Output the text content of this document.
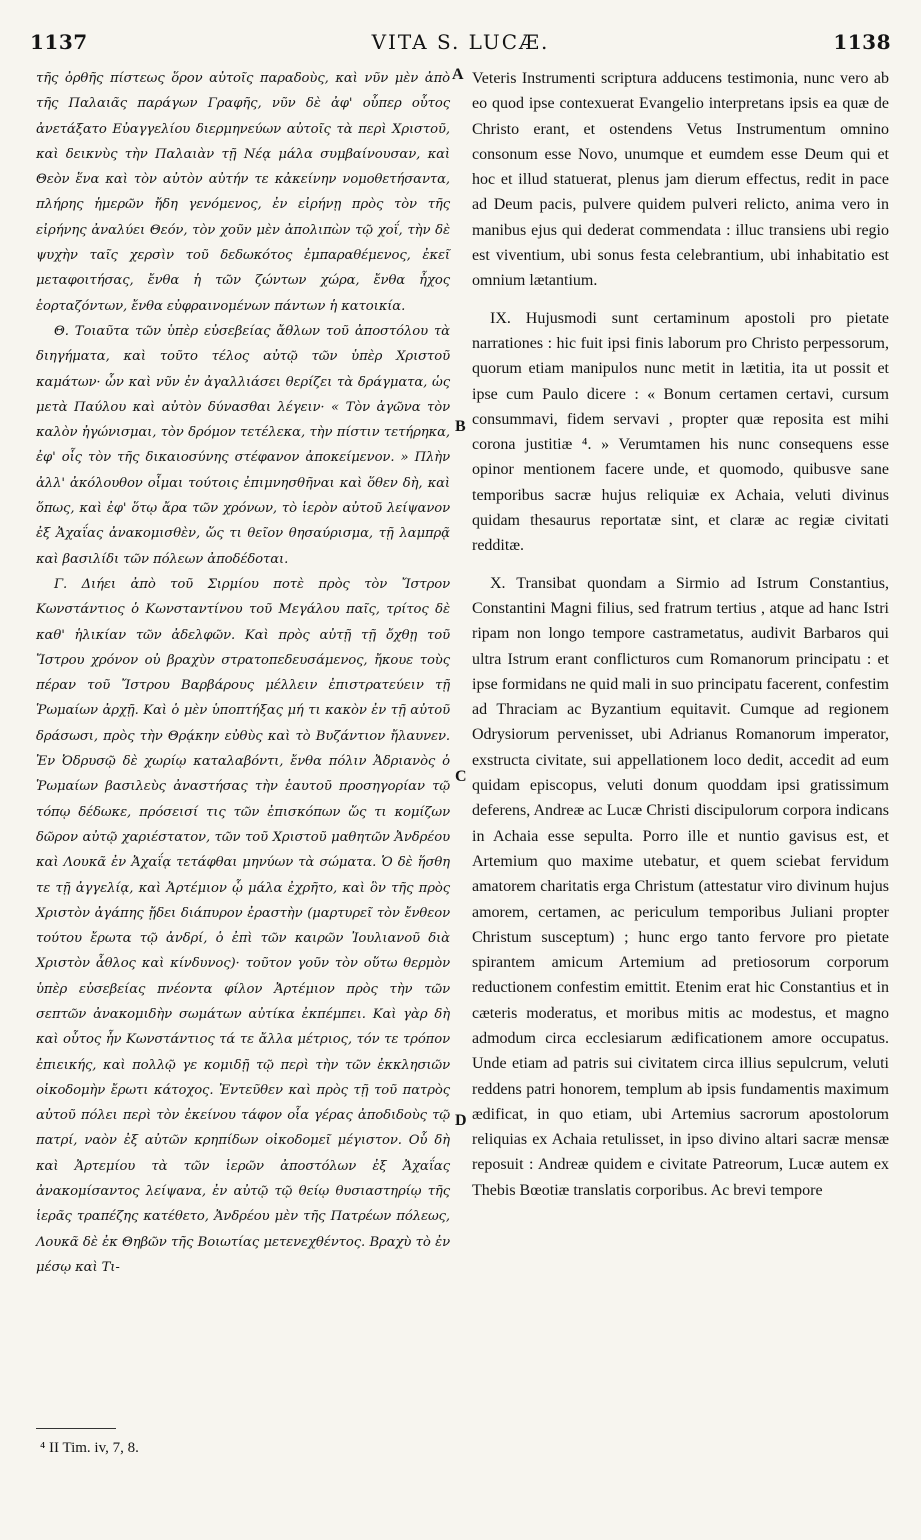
1137	VITA S. LUCÆ.	1138

τῆς ὀρθῆς πίστεως ὅρον αὐτοῖς παραδοὺς, καὶ νῦν μὲν ἀπὸ τῆς Παλαιᾶς παράγων Γραφῆς, νῦν δὲ ἀφ' οὗπερ οὗτος ἀνετάξατο Εὐαγγελίου διερμηνεύων αὐτοῖς τὰ περὶ Χριστοῦ, καὶ δεικνὺς τὴν Παλαιὰν τῇ Νέᾳ μάλα συμβαίνουσαν, καὶ Θεὸν ἕνα καὶ τὸν αὐτὸν αὐτήν τε κἀκείνην νομοθετήσαντα, πλήρης ἡμερῶν ἤδη γενόμενος, ἐν εἰρήνῃ πρὸς τὸν τῆς εἰρήνης ἀναλύει Θεόν, τὸν χοῦν μὲν ἀπολιπὼν τῷ χοΐ, τὴν δὲ ψυχὴν ταῖς χερσὶν τοῦ δεδωκότος ἐμπαραθέμενος, ἐκεῖ μεταφοιτήσας, ἔνθα ἡ τῶν ζώντων χώρα, ἔνθα ἦχος ἑορταζόντων, ἔνθα εὐφραινομένων πάντων ἡ κατοικία.

Θ. Τοιαῦτα τῶν ὑπὲρ εὐσεβείας ἄθλων τοῦ ἀποστόλου τὰ διηγήματα, καὶ τοῦτο τέλος αὐτῷ τῶν ὑπὲρ Χριστοῦ καμάτων· ὧν καὶ νῦν ἐν ἀγαλλιάσει θερίζει τὰ δράγματα, ὡς μετὰ Παύλου καὶ αὐτὸν δύνασθαι λέγειν· « Τὸν ἀγῶνα τὸν καλὸν ἠγώνισμαι, τὸν δρόμον τετέλεκα, τὴν πίστιν τετήρηκα, ἐφ' οἷς τὸν τῆς δικαιοσύνης στέφανον ἀποκείμενον. » Πλὴν ἀλλ' ἀκόλουθον οἶμαι τούτοις ἐπιμνησθῆναι καὶ ὅθεν δὴ, καὶ ὅπως, καὶ ἐφ' ὅτῳ ἄρα τῶν χρόνων, τὸ ἱερὸν αὐτοῦ λείψανον ἐξ Ἀχαΐας ἀνακομισθὲν, ὥς τι θεῖον θησαύρισμα, τῇ λαμπρᾷ καὶ βασιλίδι τῶν πόλεων ἀποδέδοται.

Γ. Διήει ἀπὸ τοῦ Σιρμίου ποτὲ πρὸς τὸν Ἴστρον Κωνστάντιος ὁ Κωνσταντίνου τοῦ Μεγάλου παῖς, τρίτος δὲ καθ' ἡλικίαν τῶν ἀδελφῶν. Καὶ πρὸς αὐτῇ τῇ ὄχθῃ τοῦ Ἴστρου χρόνον οὐ βραχὺν στρατοπεδευσάμενος, ἤκουε τοὺς πέραν τοῦ Ἴστρου Βαρβάρους μέλλειν ἐπιστρατεύειν τῇ Ῥωμαίων ἀρχῇ. Καὶ ὁ μὲν ὑποπτήξας μή τι κακὸν ἐν τῇ αὐτοῦ δράσωσι, πρὸς τὴν Θρᾴκην εὐθὺς καὶ τὸ Βυζάντιον ἤλαυνεν. Ἐν Ὀδρυσῷ δὲ χωρίῳ καταλαβόντι, ἔνθα πόλιν Ἀδριανὸς ὁ Ῥωμαίων βασιλεὺς ἀναστήσας τὴν ἑαυτοῦ προσηγορίαν τῷ τόπῳ δέδωκε, πρόσεισί τις τῶν ἐπισκόπων ὥς τι κομίζων δῶρον αὐτῷ χαριέστατον, τῶν τοῦ Χριστοῦ μαθητῶν Ἀνδρέου καὶ Λουκᾶ ἐν Ἀχαΐᾳ τετάφθαι μηνύων τὰ σώματα. Ὁ δὲ ἥσθη τε τῇ ἀγγελίᾳ, καὶ Ἀρτέμιον ᾧ μάλα ἐχρῆτο, καὶ ὃν τῆς πρὸς Χριστὸν ἀγάπης ᾔδει διάπυρον ἐραστὴν (μαρτυρεῖ τὸν ἔνθεον τούτου ἔρωτα τῷ ἀνδρί, ὁ ἐπὶ τῶν καιρῶν Ἰουλιανοῦ διὰ Χριστὸν ἆθλος καὶ κίνδυνος)· τοῦτον γοῦν τὸν οὕτω θερμὸν ὑπὲρ εὐσεβείας πνέοντα φίλον Ἀρτέμιον πρὸς τὴν τῶν σεπτῶν ἀνακομιδὴν σωμάτων αὐτίκα ἐκπέμπει. Καὶ γὰρ δὴ καὶ οὗτος ἦν Κωνστάντιος τά τε ἄλλα μέτριος, τόν τε τρόπον ἐπιεικής, καὶ πολλῷ γε κομιδῇ τῷ περὶ τὴν τῶν ἐκκλησιῶν οἰκοδομὴν ἔρωτι κάτοχος. Ἐντεῦθεν καὶ πρὸς τῇ τοῦ πατρὸς αὐτοῦ πόλει περὶ τὸν ἐκείνου τάφον οἷα γέρας ἀποδιδοὺς τῷ πατρί, ναὸν ἐξ αὐτῶν κρηπίδων οἰκοδομεῖ μέγιστον. Οὗ δὴ καὶ Ἀρτεμίου τὰ τῶν ἱερῶν ἀποστόλων ἐξ Ἀχαΐας ἀνακομίσαντος λείψανα, ἐν αὐτῷ τῷ θείῳ θυσιαστηρίῳ τῆς ἱερᾶς τραπέζης κατέθετο, Ἀνδρέου μὲν τῆς Πατρέων πόλεως, Λουκᾶ δὲ ἐκ Θηβῶν τῆς Βοιωτίας μετενεχθέντος. Βραχὺ τὸ ἐν μέσῳ καὶ Τι-

A
B
C
D

Veteris Instrumenti scriptura adducens testimonia, nunc vero ab eo quod ipse contexuerat Evangelio interpretans ipsis ea quæ de Christo erant, et ostendens Vetus Instrumentum omnino consonum esse Novo, unumque et eumdem esse Deum qui et hoc et illud statuerat, plenus jam dierum effectus, redit in pace ad Deum pacis, pulvere quidem pulveri relicto, anima vero in manibus ejus qui dederat commendata : illuc transiens ubi regio est viventium, ubi sonus festa celebrantium, ubi inhabitatio est omnium lætantium.

IX. Hujusmodi sunt certaminum apostoli pro pietate narrationes : hic fuit ipsi finis laborum pro Christo perpessorum, quorum etiam manipulos nunc metit in lætitia, ita ut possit et ipse cum Paulo dicere : « Bonum certamen certavi, cursum consummavi, fidem servavi , propter quæ reposita est mihi corona justitiæ ⁴. » Verumtamen his nunc consequens esse opinor mentionem facere unde, et quomodo, quibusve sane temporibus sacræ hujus reliquiæ ex Achaia, veluti divinus quidam thesaurus reportatæ sint, et claræ ac regiæ civitati redditæ.

X. Transibat quondam a Sirmio ad Istrum Constantius, Constantini Magni filius, sed fratrum tertius , atque ad hanc Istri ripam non longo tempore castrametatus, audivit Barbaros qui ultra Istrum erant conflicturos cum Romanorum principatu : et ipse formidans ne quid mali in suo principatu facerent, confestim ad Thraciam ac Byzantium equitavit. Cumque ad regionem Odrysiorum pervenisset, ubi Adrianus Romanorum imperator, exstructa civitate, sui appellationem loco dedit, accedit ad eum quidam episcopus, veluti donum quoddam ipsi gratissimum deferens, Andreæ ac Lucæ Christi discipulorum corpora indicans in Achaia esse sepulta. Porro ille et nuntio gavisus est, et Artemium quo maxime utebatur, et quem sciebat fervidum amatorem charitatis erga Christum (attestatur viro divinum hujus amorem, certamen, ac periculum temporibus Juliani propter Christum susceptum) ; hunc ergo tanto fervore pro pietate spirantem amicum Artemium ad pretiosorum corporum reductionem confestim emittit. Etenim erat hic Constantius et in cæteris moderatus, et moribus mitis ac modestus, et magno admodum circa ecclesiarum ædificationem amore occupatus. Unde etiam ad patris sui civitatem circa illius sepulcrum, veluti reddens patri honorem, templum ab ipsis fundamentis maximum ædificat, in quo etiam, ubi Artemius sacrorum apostolorum reliquias ex Achaia retulisset, in ipso divino altari sacræ mensæ reposuit : Andreæ quidem e civitate Patreorum, Lucæ autem ex Thebis Bœotiæ translatis corporibus. Ac brevi tempore

⁴ II Tim. iv, 7, 8.
